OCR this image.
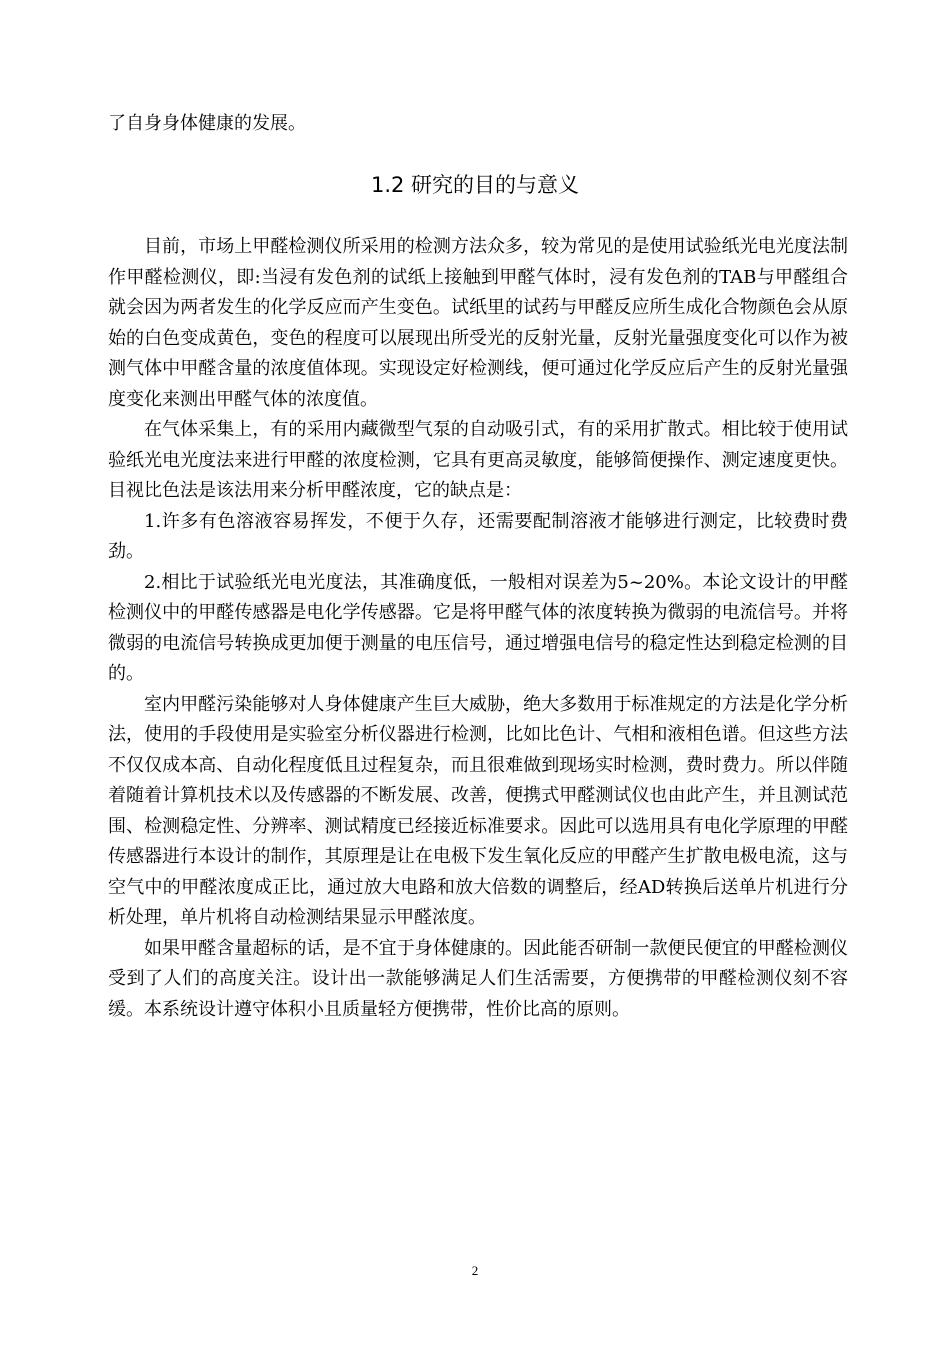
了自身身体健康的发展。
1.2 研究的目的与意义

目前，市场上甲醛检测仪所采用的检测方法众多，较为常见的是使用试验纸光电光度法制作甲醛检测仪，即:当浸有发色剂的试纸上接触到甲醛气体时，浸有发色剂的TAB与甲醛组合就会因为两者发生的化学反应而产生变色。试纸里的试药与甲醛反应所生成化合物颜色会从原始的白色变成黄色，变色的程度可以展现出所受光的反射光量，反射光量强度变化可以作为被测气体中甲醛含量的浓度值体现。实现设定好检测线，便可通过化学反应后产生的反射光量强度变化来测出甲醛气体的浓度值。

在气体采集上，有的采用内藏微型气泵的自动吸引式，有的采用扩散式。相比较于使用试验纸光电光度法来进行甲醛的浓度检测，它具有更高灵敏度，能够简便操作、测定速度更快。目视比色法是该法用来分析甲醛浓度，它的缺点是：

1.许多有色溶液容易挥发，不便于久存，还需要配制溶液才能够进行测定，比较费时费劲。

2.相比于试验纸光电光度法，其准确度低，一般相对误差为5~20%。本论文设计的甲醛检测仪中的甲醛传感器是电化学传感器。它是将甲醛气体的浓度转换为微弱的电流信号。并将微弱的电流信号转换成更加便于测量的电压信号，通过增强电信号的稳定性达到稳定检测的目的。

室内甲醛污染能够对人身体健康产生巨大威胁，绝大多数用于标准规定的方法是化学分析法，使用的手段使用是实验室分析仪器进行检测，比如比色计、气相和液相色谱。但这些方法不仅仅成本高、自动化程度低且过程复杂，而且很难做到现场实时检测，费时费力。所以伴随着随着计算机技术以及传感器的不断发展、改善，便携式甲醛测试仪也由此产生，并且测试范围、检测稳定性、分辨率、测试精度已经接近标准要求。因此可以选用具有电化学原理的甲醛传感器进行本设计的制作，其原理是让在电极下发生氧化反应的甲醛产生扩散电极电流，这与空气中的甲醛浓度成正比，通过放大电路和放大倍数的调整后，经AD转换后送单片机进行分析处理，单片机将自动检测结果显示甲醛浓度。

如果甲醛含量超标的话，是不宜于身体健康的。因此能否研制一款便民便宜的甲醛检测仪受到了人们的高度关注。设计出一款能够满足人们生活需要，方便携带的甲醛检测仪刻不容缓。本系统设计遵守体积小且质量轻方便携带，性价比高的原则。

2
